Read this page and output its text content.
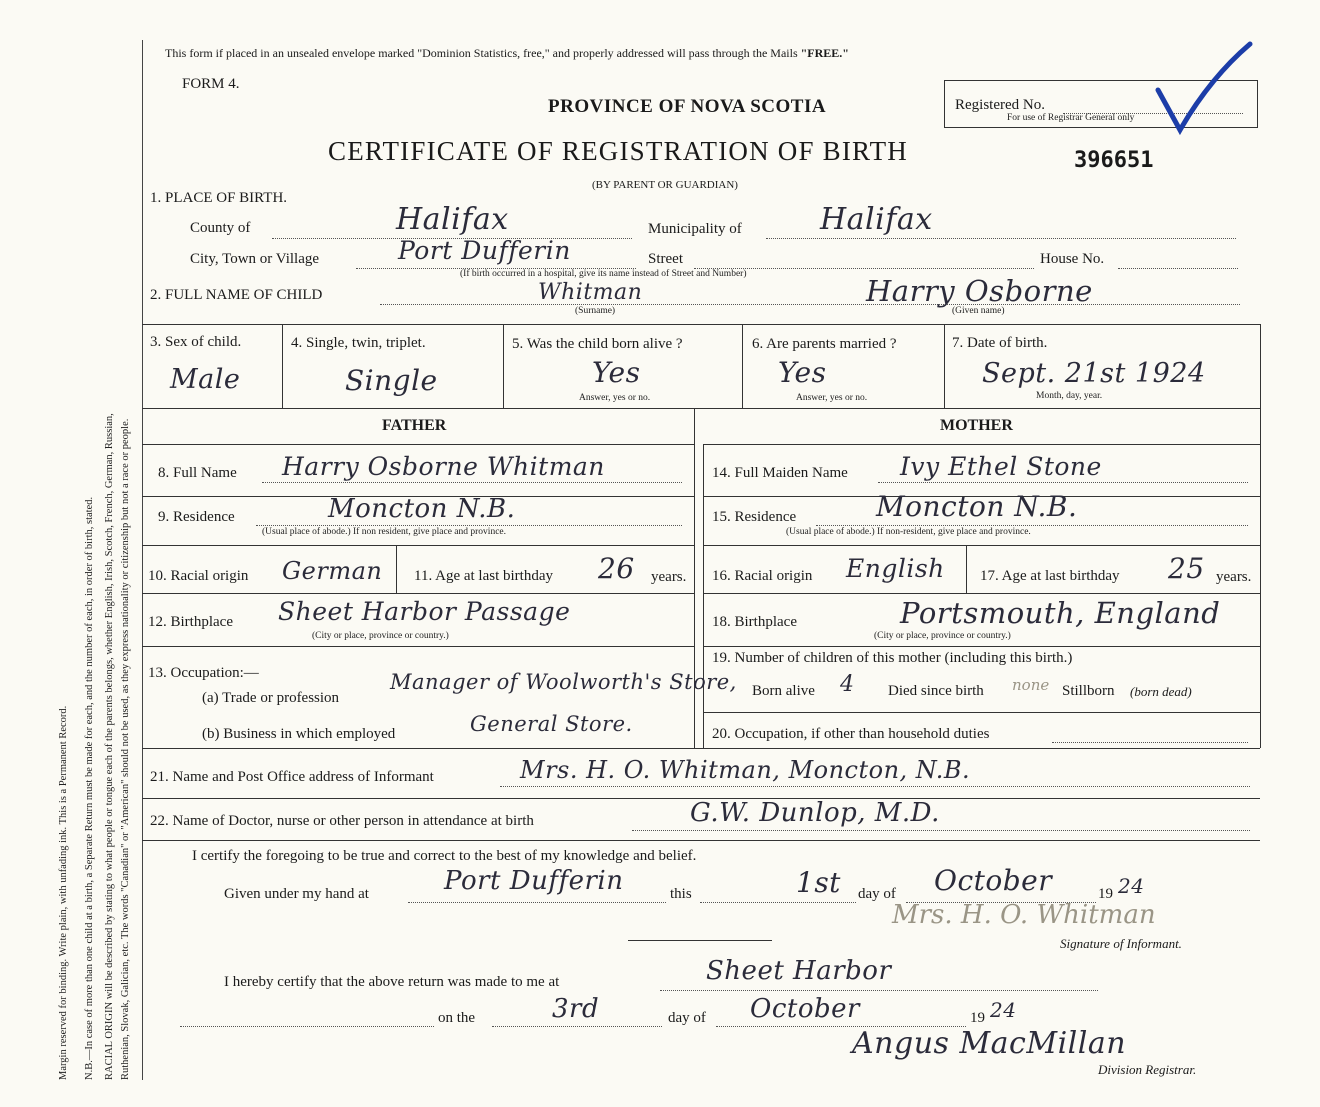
Margin reserved for binding. Write plain, with unfading ink. This is a Permanent Record. N.B.—In case of more than one child at a birth, a Separate Return must be made for each, and the number of each, in order of birth, stated. RACIAL ORIGIN will be described by stating to what people or tongue each of the parents belongs, whether English, Irish, Scotch, French, German, Russian, Ruthenian, Slovak, Galician, etc. The words "Canadian" or "American" should not be used, as they express nationality or citizenship but not a race or people.
This form if placed in an unsealed envelope marked "Dominion Statistics, free," and properly addressed will pass through the Mails "FREE."
FORM 4.
PROVINCE OF NOVA SCOTIA
CERTIFICATE OF REGISTRATION OF BIRTH
(BY PARENT OR GUARDIAN)
Registered No.
For use of Registrar General only
396651
1. PLACE OF BIRTH.
County of	Halifax	Municipality of	Halifax
City, Town or Village	Port Dufferin	Street	House No.
(If birth occurred in a hospital, give its name instead of Street and Number)
2. FULL NAME OF CHILD	Whitman	Harry Osborne
(Surname)	(Given name)
3. Sex of child.
Male
4. Single, twin, triplet.
Single
5. Was the child born alive ?
Yes
Answer, yes or no.
6. Are parents married ?
Yes
Answer, yes or no.
7. Date of birth.
Sept. 21st 1924
Month, day, year.
FATHER	MOTHER
8. Full Name Harry Osborne Whitman
9. Residence	Moncton N.B.
(Usual place of abode.) If non resident, give place and province.
10. Racial origin German 11. Age at last birthday 26 years.
12. Birthplace Sheet Harbor Passage
(City or place, province or country.)
13. Occupation:—
(a) Trade or profession
Manager of Woolworth's Store,
(b) Business in which employed	General Store.
14. Full Maiden Name Ivy Ethel Stone
15. Residence	Moncton N.B.
(Usual place of abode.) If non-resident, give place and province.
16. Racial origin English 17. Age at last birthday 25 years.
18. Birthplace	Portsmouth, England
(City or place, province or country.)
19. Number of children of this mother (including this birth.)
Born alive 4 Died since birth none Stillborn (born dead)
20. Occupation, if other than household duties
21. Name and Post Office address of Informant	Mrs. H. O. Whitman, Moncton, N.B.
22. Name of Doctor, nurse or other person in attendance at birth	G.W. Dunlop, M.D.
I certify the foregoing to be true and correct to the best of my knowledge and belief.
Given under my hand at	Port Dufferin	this	1st day of October	19 24
Mrs. H. O. Whitman
Signature of Informant.
I hereby certify that the above return was made to me at	Sheet Harbor
on the	3rd	day of October	19 24
Angus MacMillan
Division Registrar.
